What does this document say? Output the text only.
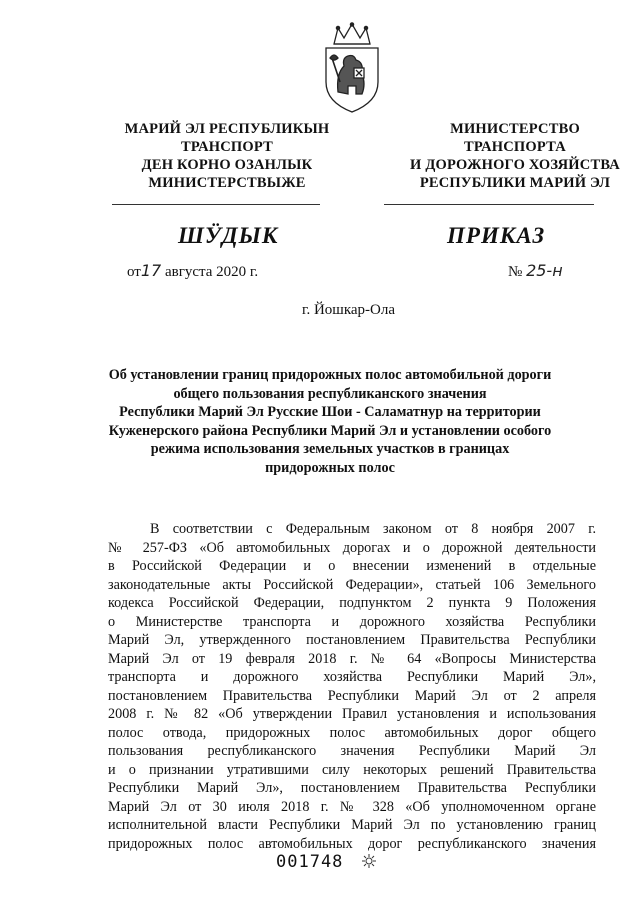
МАРИЙ ЭЛ РЕСПУБЛИКЫН
ТРАНСПОРТ
ДЕН КОРНО ОЗАНЛЫК
МИНИСТЕРСТВЫЖЕ
МИНИСТЕРСТВО
ТРАНСПОРТА
И ДОРОЖНОГО ХОЗЯЙСТВА
РЕСПУБЛИКИ МАРИЙ ЭЛ
ШӰДЫК	ПРИКАЗ
от17 августа 2020 г.	№ 25-н
г. Йошкар-Ола
Об установлении границ придорожных полос автомобильной дороги
общего пользования республиканского значения
Республики Марий Эл Русские Шои - Саламатнур на территории
Куженерского района Республики Марий Эл и установлении особого
режима использования земельных участков в границах
придорожных полос
В соответствии с Федеральным законом от 8 ноября 2007 г.
№ 257-ФЗ «Об автомобильных дорогах и о дорожной деятельности
в Российской Федерации и о внесении изменений в отдельные
законодательные акты Российской Федерации», статьей 106 Земельного
кодекса Российской Федерации, подпунктом 2 пункта 9 Положения
о Министерстве транспорта и дорожного хозяйства Республики
Марий Эл, утвержденного постановлением Правительства Республики
Марий Эл от 19 февраля 2018 г. № 64 «Вопросы Министерства
транспорта и дорожного хозяйства Республики Марий Эл»,
постановлением Правительства Республики Марий Эл от 2 апреля
2008 г. № 82 «Об утверждении Правил установления и использования
полос отвода, придорожных полос автомобильных дорог общего
пользования республиканского значения Республики Марий Эл
и о признании утратившими силу некоторых решений Правительства
Республики Марий Эл», постановлением Правительства Республики
Марий Эл от 30 июля 2018 г. № 328 «Об уполномоченном органе
исполнительной власти Республики Марий Эл по установлению границ
придорожных полос автомобильных дорог республиканского значения
001748
